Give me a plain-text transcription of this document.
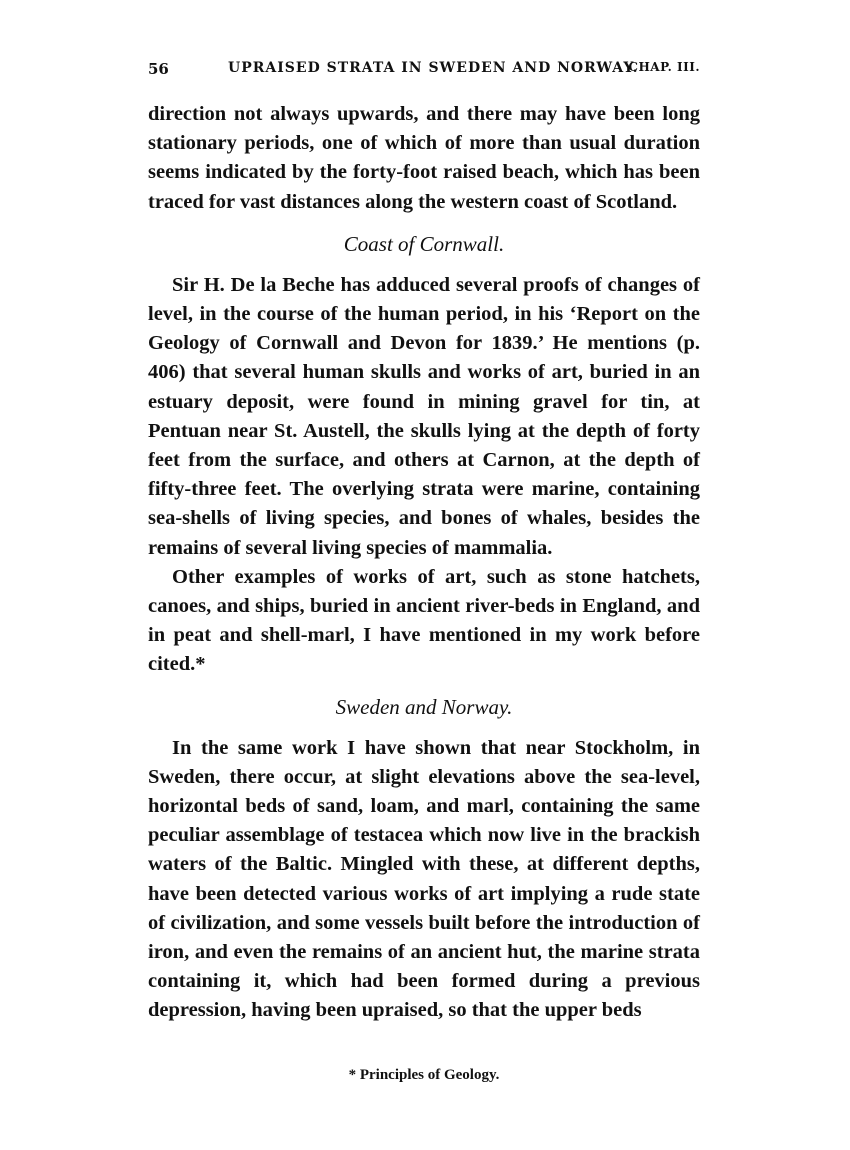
56	UPRAISED STRATA IN SWEDEN AND NORWAY.
CHAP. III.

direction not always upwards, and there may have been long stationary periods, one of which of more than usual duration seems indicated by the forty-foot raised beach, which has been traced for vast distances along the western coast of Scotland.

Coast of Cornwall.

Sir H. De la Beche has adduced several proofs of changes of level, in the course of the human period, in his ‘Report on the Geology of Cornwall and Devon for 1839.’ He mentions (p. 406) that several human skulls and works of art, buried in an estuary deposit, were found in mining gravel for tin, at Pentuan near St. Austell, the skulls lying at the depth of forty feet from the surface, and others at Carnon, at the depth of fifty-three feet. The overlying strata were marine, containing sea-shells of living species, and bones of whales, besides the remains of several living species of mammalia.

Other examples of works of art, such as stone hatchets, canoes, and ships, buried in ancient river-beds in England, and in peat and shell-marl, I have mentioned in my work before cited.*

Sweden and Norway.

In the same work I have shown that near Stockholm, in Sweden, there occur, at slight elevations above the sea-level, horizontal beds of sand, loam, and marl, containing the same peculiar assemblage of testacea which now live in the brackish waters of the Baltic. Mingled with these, at different depths, have been detected various works of art implying a rude state of civilization, and some vessels built before the introduction of iron, and even the remains of an ancient hut, the marine strata containing it, which had been formed during a previous depression, having been upraised, so that the upper beds

* Principles of Geology.
